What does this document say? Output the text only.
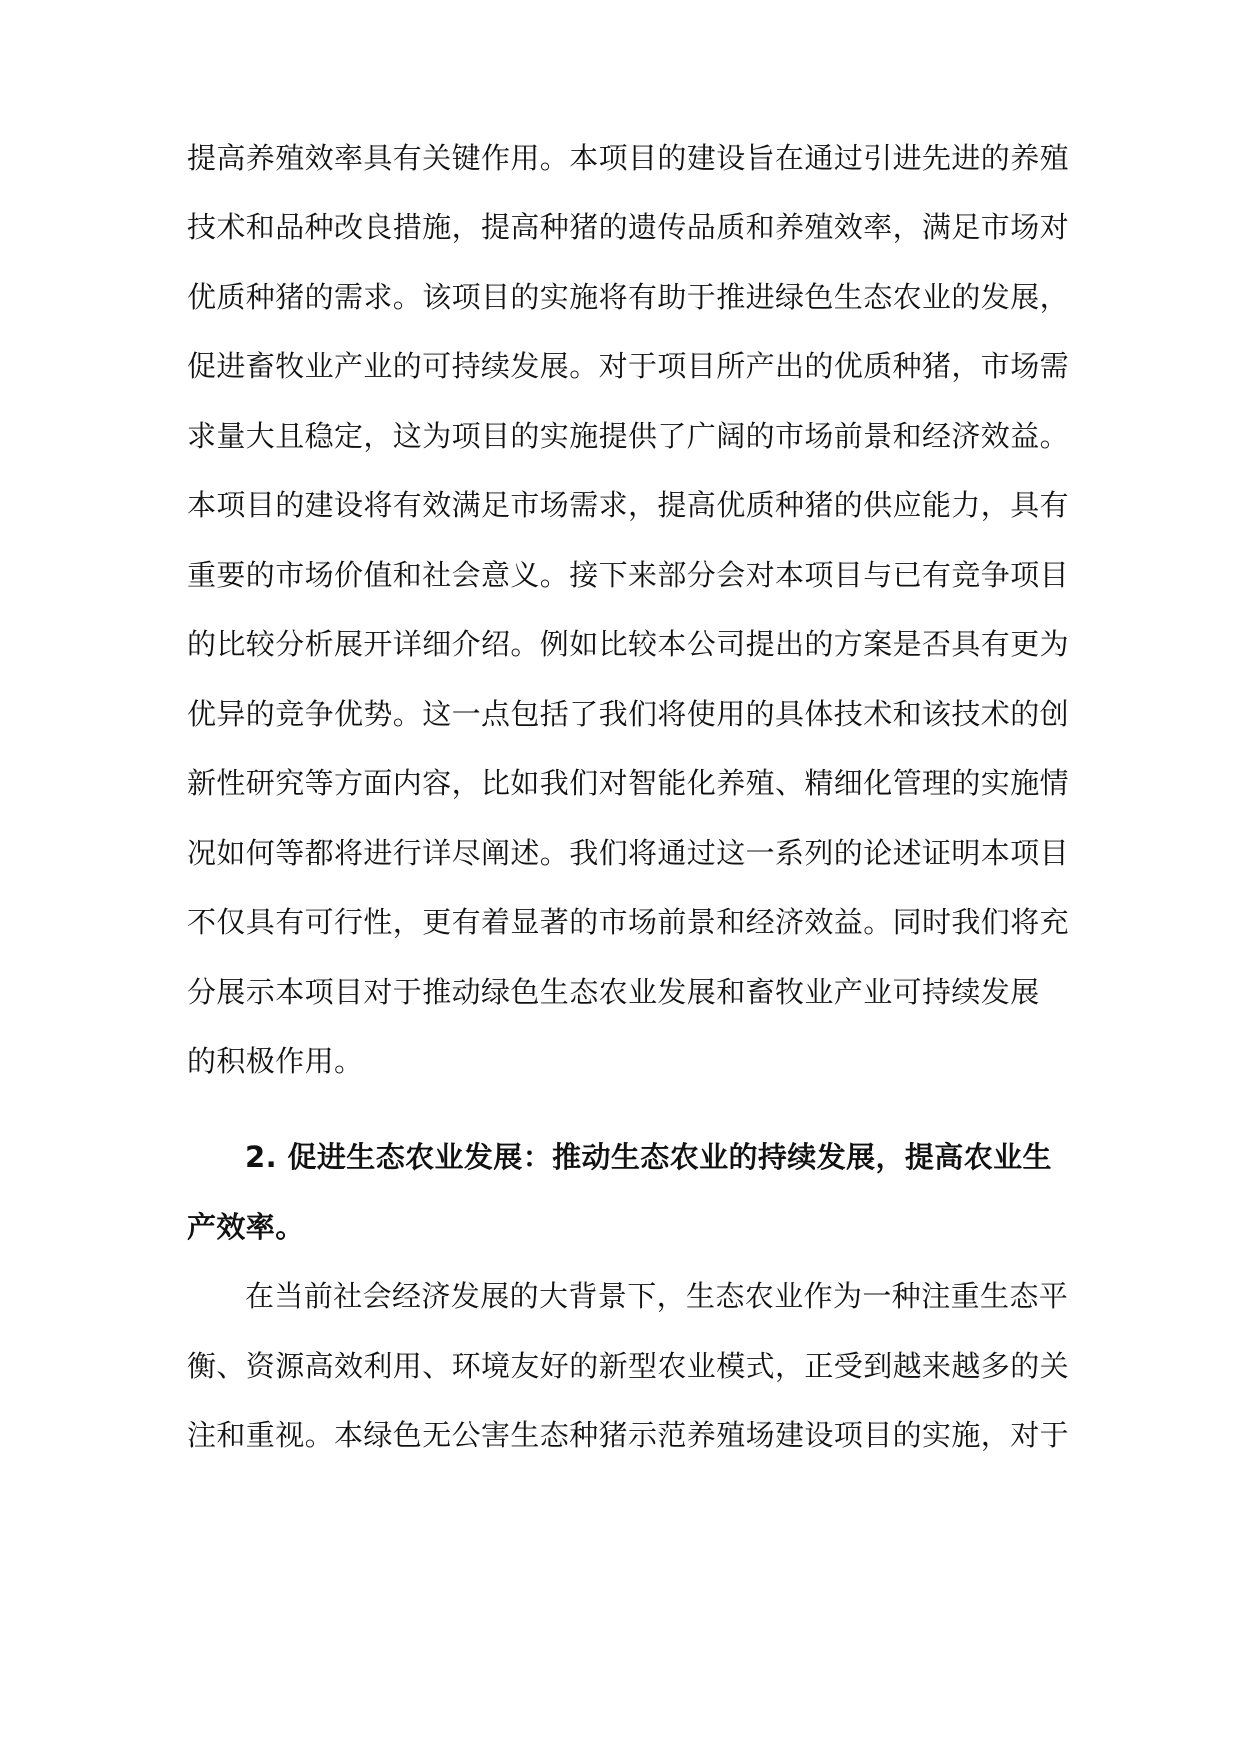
提高养殖效率具有关键作用。本项目的建设旨在通过引进先进的养殖
技术和品种改良措施，提高种猪的遗传品质和养殖效率，满足市场对
优质种猪的需求。该项目的实施将有助于推进绿色生态农业的发展，
促进畜牧业产业的可持续发展。对于项目所产出的优质种猪，市场需
求量大且稳定，这为项目的实施提供了广阔的市场前景和经济效益。
本项目的建设将有效满足市场需求，提高优质种猪的供应能力，具有
重要的市场价值和社会意义。接下来部分会对本项目与已有竞争项目
的比较分析展开详细介绍。例如比较本公司提出的方案是否具有更为
优异的竞争优势。这一点包括了我们将使用的具体技术和该技术的创
新性研究等方面内容，比如我们对智能化养殖、精细化管理的实施情
况如何等都将进行详尽阐述。我们将通过这一系列的论述证明本项目
不仅具有可行性，更有着显著的市场前景和经济效益。同时我们将充
分展示本项目对于推动绿色生态农业发展和畜牧业产业可持续发展
的积极作用。
2. 促进生态农业发展：推动生态农业的持续发展，提高农业生
产效率。
在当前社会经济发展的大背景下，生态农业作为一种注重生态平
衡、资源高效利用、环境友好的新型农业模式，正受到越来越多的关
注和重视。本绿色无公害生态种猪示范养殖场建设项目的实施，对于
